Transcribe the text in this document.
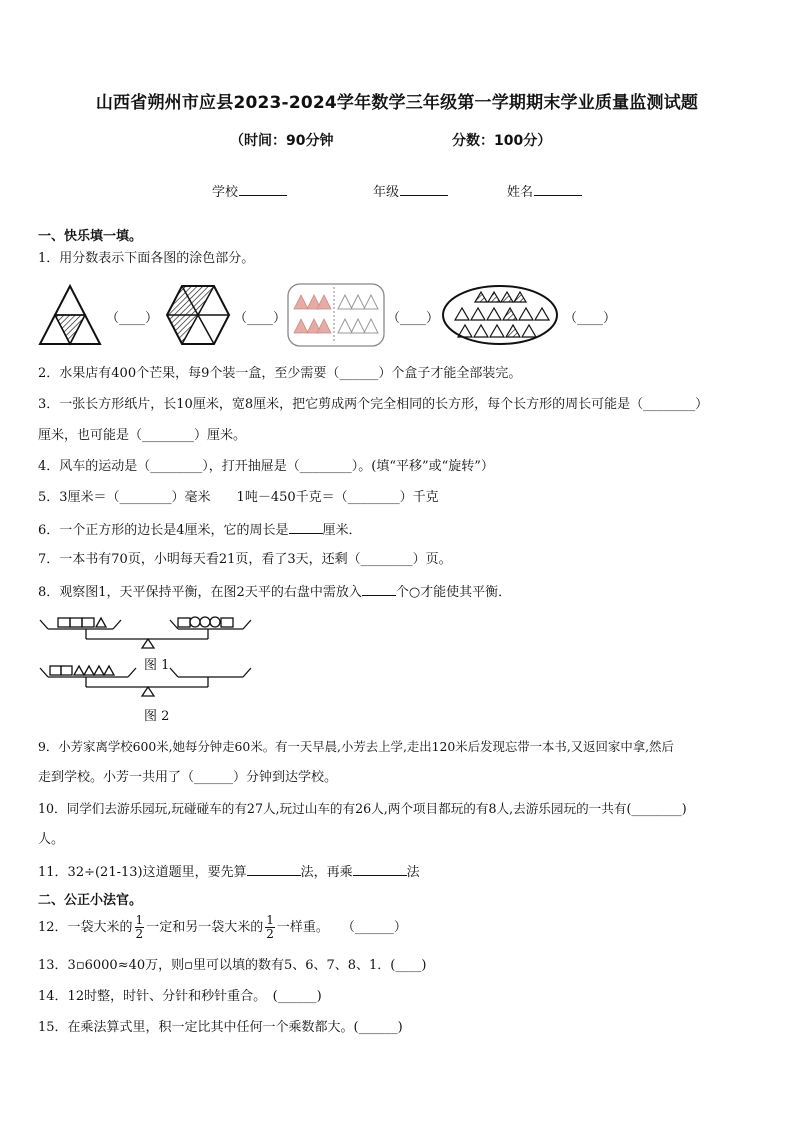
山西省朔州市应县2023-2024学年数学三年级第一学期期末学业质量监测试题
（时间：90分钟	分数：100分）
学校	年级	姓名
一、快乐填一填。
1．用分数表示下面各图的涂色部分。
（____）	（____）	（____）	（____）
2．水果店有400个芒果，每9个装一盒，至少需要（______）个盒子才能全部装完。
3．一张长方形纸片，长10厘米，宽8厘米，把它剪成两个完全相同的长方形，每个长方形的周长可能是（________）
厘米，也可能是（________）厘米。
4．风车的运动是（________），打开抽屉是（________）。(填“平移”或“旋转”）
5．3厘米＝（________）毫米　　1吨－450千克＝（________）千克
6．一个正方形的边长是4厘米，它的周长是	厘米．
7．一本书有70页，小明每天看21页，看了3天，还剩（________）页。
8．观察图1，天平保持平衡，在图2天平的右盘中需放入	个○才能使其平衡．
图 1
图 2
9．小芳家离学校600米,她每分钟走60米。有一天早晨,小芳去上学,走出120米后发现忘带一本书,又返回家中拿,然后
走到学校。小芳一共用了（______）分钟到达学校。
10．同学们去游乐园玩,玩碰碰车的有27人,玩过山车的有26人,两个项目都玩的有8人,去游乐园玩的一共有(________)
人。
11．32÷(21-13)这道题里，要先算	法，再乘	法
二、公正小法官。
12．一袋大米的 $\frac{1}{2}$ 一定和另一袋大米的 $\frac{1}{2}$ 一样重。　　（______）
13．3▫6000≈40万，则▫里可以填的数有5、6、7、8、1．(____)
14．12时整，时针、分针和秒针重合。　(______)
15．在乘法算式里，积一定比其中任何一个乘数都大。(______)
